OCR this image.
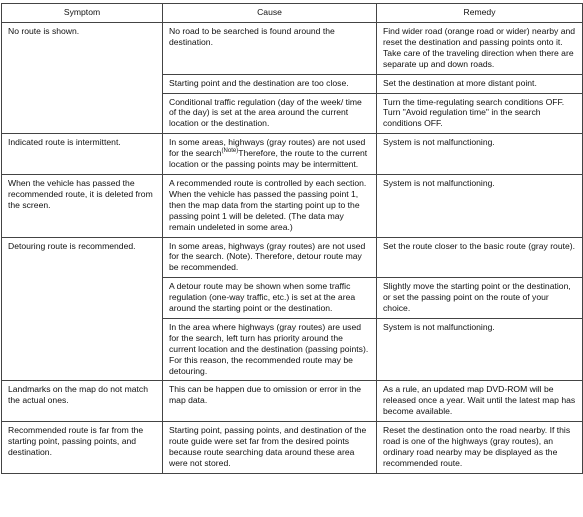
Symptom	Cause	Remedy
No route is shown.	No road to be searched is found around the destination.	Find wider road (orange road or wider) nearby and reset the destination and passing points onto it. Take care of the traveling direction when there are separate up and down roads.
	Starting point and the destination are too close.	Set the destination at more distant point.
	Conditional traffic regulation (day of the week/ time of the day) is set at the area around the current location or the destination.	Turn the time-regulating search conditions OFF. Turn "Avoid regulation time" in the search conditions OFF.
Indicated route is intermittent.	In some areas, highways (gray routes) are not used for the search$^{(Note)}$Therefore, the route to the current location or the passing points may be intermittent.	System is not malfunctioning.
When the vehicle has passed the recommended route, it is deleted from the screen.	A recommended route is controlled by each section. When the vehicle has passed the passing point 1, then the map data from the starting point up to the passing point 1 will be deleted. (The data may remain undeleted in some area.)	System is not malfunctioning.
Detouring route is recommended.	In some areas, highways (gray routes) are not used for the search. (Note). Therefore, detour route may be recommended.	Set the route closer to the basic route (gray route).
	A detour route may be shown when some traffic regulation (one-way traffic, etc.) is set at the area around the starting point or the destination.	Slightly move the starting point or the destination, or set the passing point on the route of your choice.
	In the area where highways (gray routes) are used for the search, left turn has priority around the current location and the destination (passing points). For this reason, the recommended route may be detouring.	System is not malfunctioning.
Landmarks on the map do not match the actual ones.	This can be happen due to omission or error in the map data.	As a rule, an updated map DVD-ROM will be released once a year. Wait until the latest map has become available.
Recommended route is far from the starting point, passing points, and destination.	Starting point, passing points, and destination of the route guide were set far from the desired points because route searching data around these area were not stored.	Reset the destination onto the road nearby. If this road is one of the highways (gray routes), an ordinary road nearby may be displayed as the recommended route.
